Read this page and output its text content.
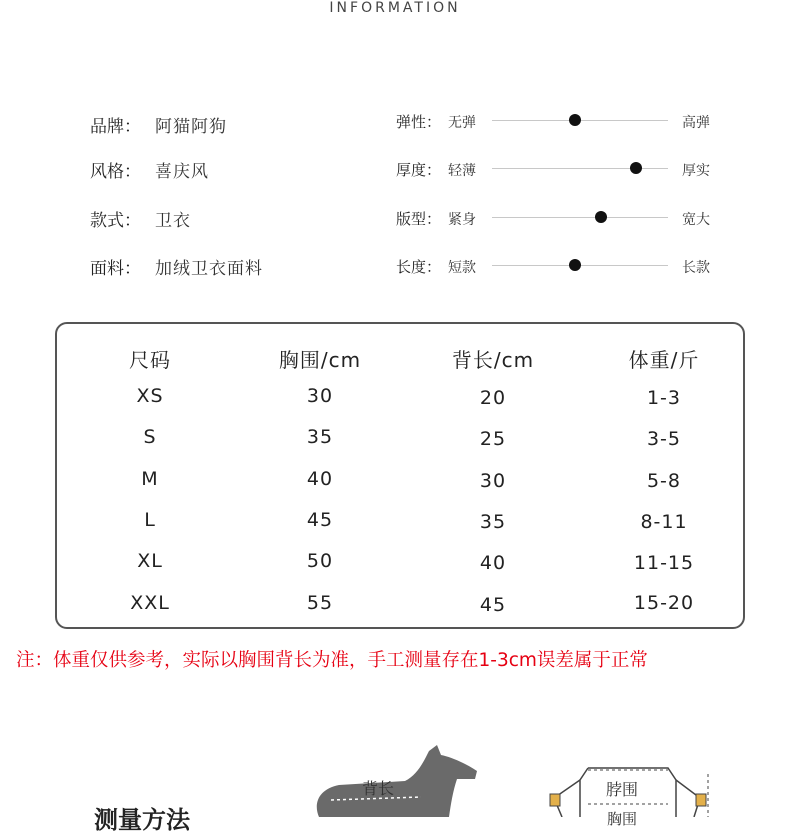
INFORMATION
品牌： 阿猫阿狗
风格： 喜庆风
款式： 卫衣
面料： 加绒卫衣面料
弹性： 无弹	高弹
厚度： 轻薄	厚实
版型： 紧身	宽大
长度： 短款	长款
尺码	胸围/cm	背长/cm	体重/斤
XS	30	20	1-3
S	35	25	3-5
M	40	30	5-8
L	45	35	8-11
XL	50	40	11-15
XXL	55	45	15-20
注：体重仅供参考，实际以胸围背长为准，手工测量存在1-3cm误差属于正常
测量方法
背长	脖围
胸围
